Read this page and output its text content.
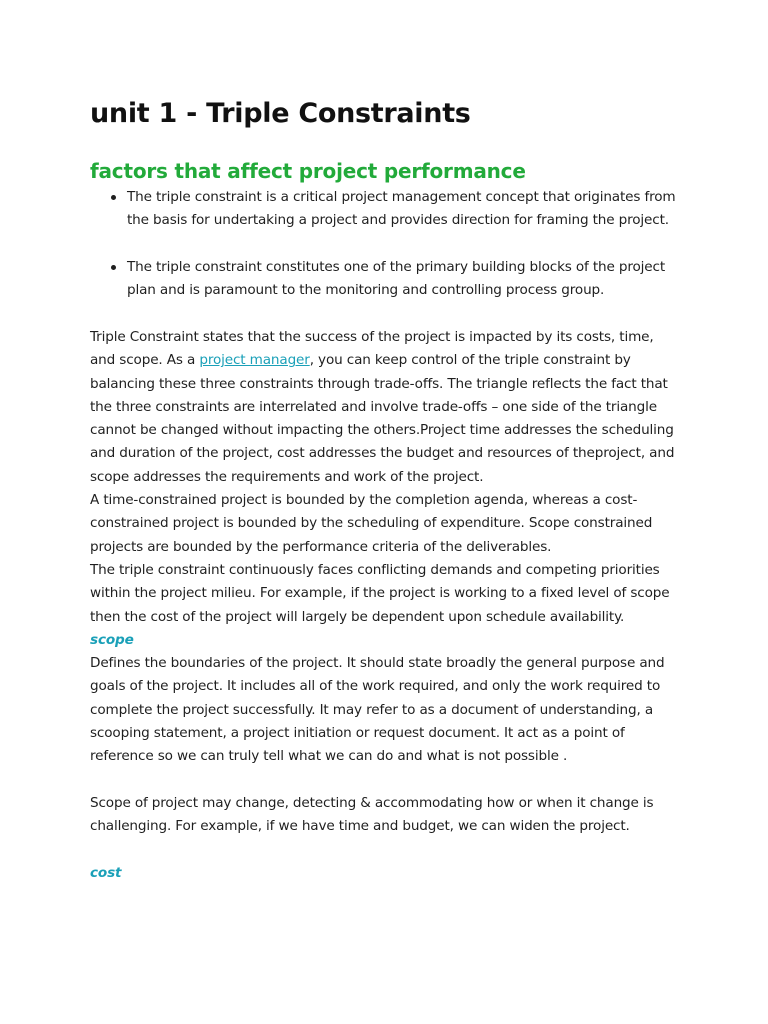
unit 1 - Triple Constraints
factors that affect project performance
The triple constraint is a critical project management concept that originates from the basis for undertaking a project and provides direction for framing the project.
The triple constraint constitutes one of the primary building blocks of the project plan and is paramount to the monitoring and controlling process group.

Triple Constraint states that the success of the project is impacted by its costs, time, and scope. As a project manager, you can keep control of the triple constraint by balancing these three constraints through trade-offs. The triangle reflects the fact that the three constraints are interrelated and involve trade-offs – one side of the triangle cannot be changed without impacting the others.Project time addresses the scheduling and duration of the project, cost addresses the budget and resources of theproject, and scope addresses the requirements and work of the project.

A time-constrained project is bounded by the completion agenda, whereas a cost-constrained project is bounded by the scheduling of expenditure. Scope constrained projects are bounded by the performance criteria of the deliverables.

The triple constraint continuously faces conflicting demands and competing priorities within the project milieu. For example, if the project is working to a fixed level of scope then the cost of the project will largely be dependent upon schedule availability.

scope

Defines the boundaries of the project. It should state broadly the general purpose and goals of the project. It includes all of the work required, and only the work required to complete the project successfully. It may refer to as a document of understanding, a scooping statement, a project initiation or request document. It act as a point of reference so we can truly tell what we can do and what is not possible .

Scope of project may change, detecting & accommodating how or when it change is challenging. For example, if we have time and budget, we can widen the project.

cost
